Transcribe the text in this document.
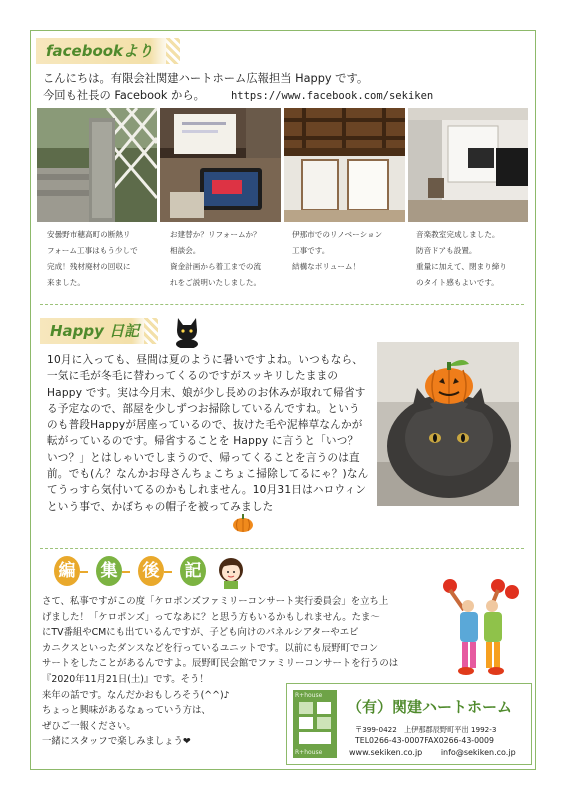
facebookより
こんにちは。有限会社関建ハートホーム広報担当 Happy です。
今回も社長の Facebook から。 https://www.facebook.com/sekiken
安曇野市穂高町の断熱リ
フォーム工事はもう少しで
完成！残材廃材の回収に
来ました。
お建替か？リフォームか？
相談会。
資金計画から着工までの流
れをご説明いたしました。
伊那市でのリノベーション
工事です。
結構なボリューム！
音楽教室完成しました。
防音ドアも設置。
重量に加えて、閉まり締り
のタイト感もよいです。
Happy 日記
10月に入っても、昼間は夏のように暑いですよね。いつもなら、一気に毛が冬毛に替わってくるのですがスッキリしたままの Happy です。実は今月末、娘が少し長めのお休みが取れて帰省する予定なので、部屋を少しずつお掃除しているんですね。というのも普段Happyが居座っているので、抜けた毛や泥棒草なんかが転がっているのです。帰省することを Happy に言うと「いつ？いつ？」とはしゃいでしまうので、帰ってくることを言うのは直前。でも(ん？なんかお母さんちょこちょこ掃除してるにゃ？)なんてうっすら気付いてるのかもしれません。10月31日はハロウィンという事で、かぼちゃの帽子を被ってみました
編 集 後 記
さて、私事ですがこの度「ケロポンズファミリーコンサート実行委員会」を立ち上
げました！「ケロポンズ」ってなあに？と思う方もいるかもしれません。たま～
にTV番組やCMにも出ているんですが、子ども向けのパネルシアターやエビ
カニクスといったダンスなどを行っているユニットです。以前にも辰野町でコン
サートをしたことがあるんですよ。辰野町民会館でファミリーコンサートを行うのは
『2020年11月21日(土)』です。そう！
来年の話です。なんだかおもしろそう(^^)♪
ちょっと興味があるなぁっていう方は、
ぜひご一報ください。
一緒にスタッフで楽しみましょう❤
R+house
R+house
（有）関建ハートホーム
〒399-0422　上伊那郡辰野町平出 1992-3
TEL0266-43-0007FAX0266-43-0009
www.sekiken.co.jp info@sekiken.co.jp
